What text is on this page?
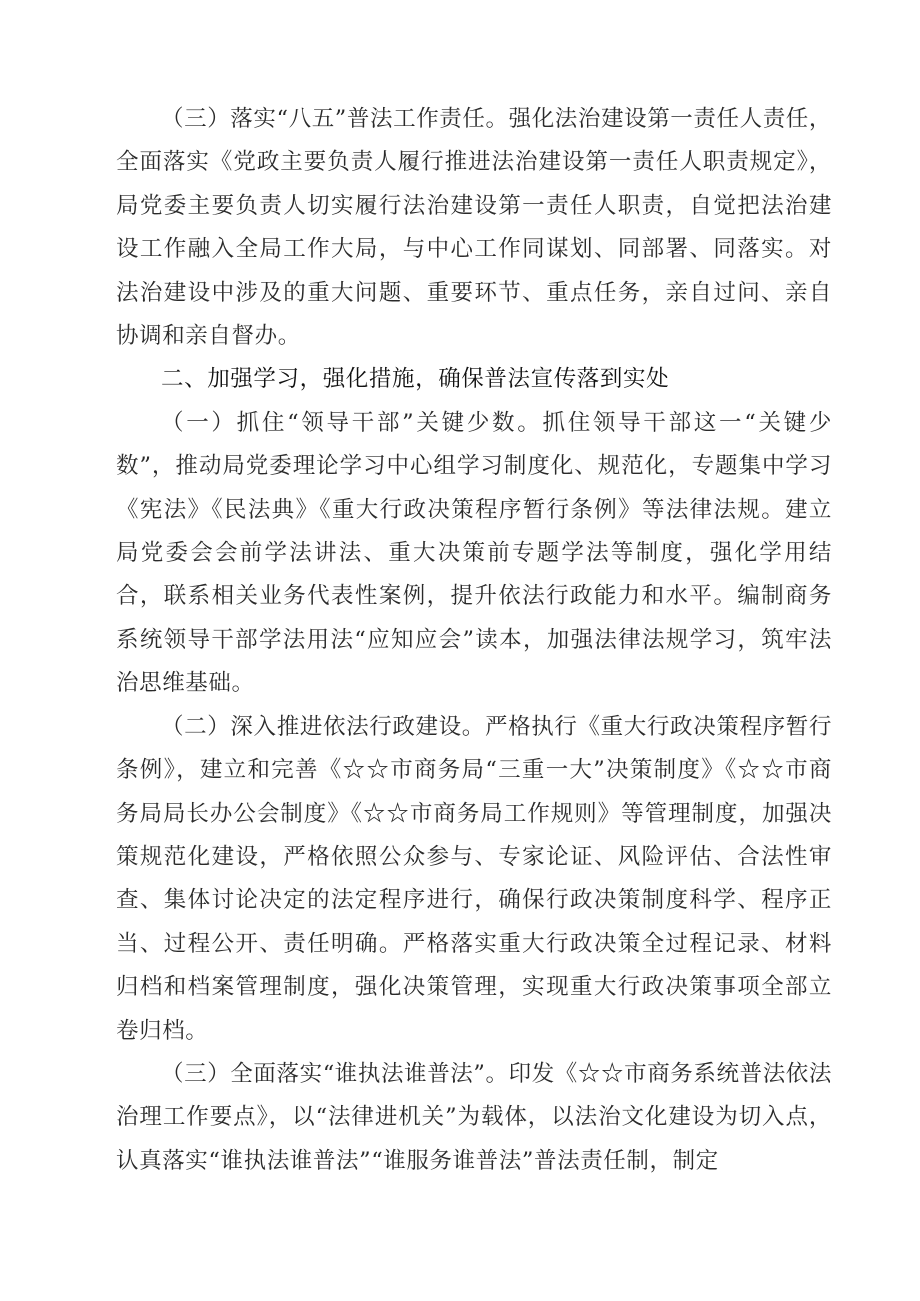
（三）落实“八五”普法工作责任。强化法治建设第一责任人责任，全面落实《党政主要负责人履行推进法治建设第一责任人职责规定》，局党委主要负责人切实履行法治建设第一责任人职责，自觉把法治建设工作融入全局工作大局，与中心工作同谋划、同部署、同落实。对法治建设中涉及的重大问题、重要环节、重点任务，亲自过问、亲自协调和亲自督办。

二、加强学习，强化措施，确保普法宣传落到实处

（一）抓住“领导干部”关键少数。抓住领导干部这一“关键少数”，推动局党委理论学习中心组学习制度化、规范化，专题集中学习《宪法》《民法典》《重大行政决策程序暂行条例》等法律法规。建立局党委会会前学法讲法、重大决策前专题学法等制度，强化学用结合，联系相关业务代表性案例，提升依法行政能力和水平。编制商务系统领导干部学法用法“应知应会”读本，加强法律法规学习，筑牢法治思维基础。

（二）深入推进依法行政建设。严格执行《重大行政决策程序暂行条例》，建立和完善《☆☆市商务局“三重一大”决策制度》《☆☆市商务局局长办公会制度》《☆☆市商务局工作规则》等管理制度，加强决策规范化建设，严格依照公众参与、专家论证、风险评估、合法性审查、集体讨论决定的法定程序进行，确保行政决策制度科学、程序正当、过程公开、责任明确。严格落实重大行政决策全过程记录、材料归档和档案管理制度，强化决策管理，实现重大行政决策事项全部立卷归档。

（三）全面落实“谁执法谁普法”。印发《☆☆市商务系统普法依法治理工作要点》，以“法律进机关”为载体，以法治文化建设为切入点，认真落实“谁执法谁普法”“谁服务谁普法”普法责任制，制定
